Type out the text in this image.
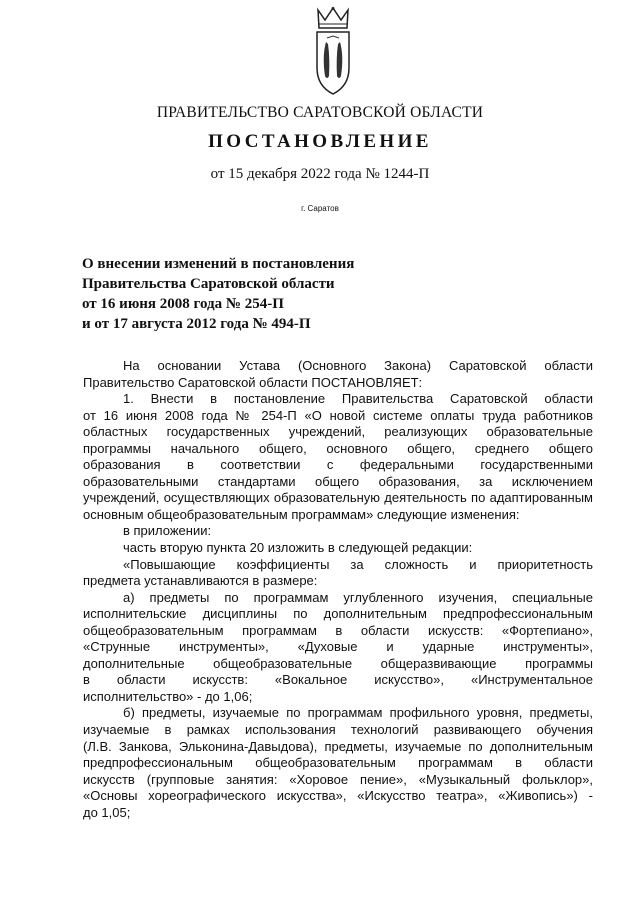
ПРАВИТЕЛЬСТВО САРАТОВСКОЙ ОБЛАСТИ
ПОСТАНОВЛЕНИЕ
от 15 декабря 2022 года № 1244-П
г. Саратов
О внесении изменений в постановления
Правительства Саратовской области
от 16 июня 2008 года № 254-П
и от 17 августа 2012 года № 494-П
На основании Устава (Основного Закона) Саратовской области
Правительство Саратовской области ПОСТАНОВЛЯЕТ:
1. Внести в постановление Правительства Саратовской области
от 16 июня 2008 года № 254-П «О новой системе оплаты труда работников
областных государственных учреждений, реализующих образовательные
программы начального общего, основного общего, среднего общего
образования в соответствии с федеральными государственными
образовательными стандартами общего образования, за исключением
учреждений, осуществляющих образовательную деятельность по адаптированным
основным общеобразовательным программам» следующие изменения:
в приложении:
часть вторую пункта 20 изложить в следующей редакции:
«Повышающие коэффициенты за сложность и приоритетность
предмета устанавливаются в размере:
а) предметы по программам углубленного изучения, специальные
исполнительские дисциплины по дополнительным предпрофессиональным
общеобразовательным программам в области искусств: «Фортепиано»,
«Струнные инструменты», «Духовые и ударные инструменты»,
дополнительные общеобразовательные общеразвивающие программы
в области искусств: «Вокальное искусство», «Инструментальное
исполнительство» - до 1,06;
б) предметы, изучаемые по программам профильного уровня, предметы,
изучаемые в рамках использования технологий развивающего обучения
(Л.В. Занкова, Эльконина-Давыдова), предметы, изучаемые по дополнительным
предпрофессиональным общеобразовательным программам в области
искусств (групповые занятия: «Хоровое пение», «Музыкальный фольклор»,
«Основы хореографического искусства», «Искусство театра», «Живопись») -
до 1,05;
